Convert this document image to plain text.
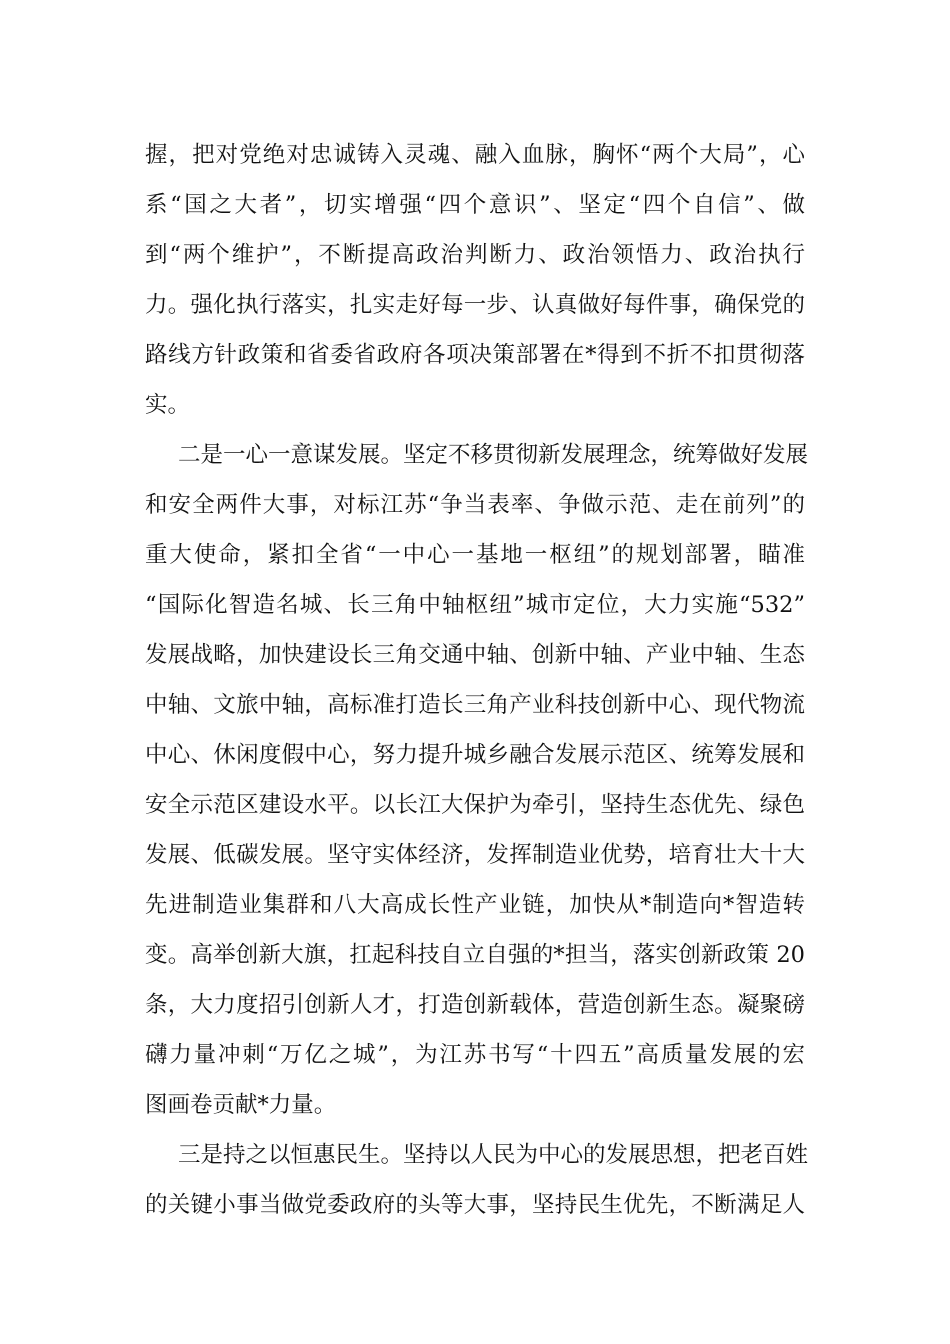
握，把对党绝对忠诚铸入灵魂、融入血脉，胸怀“两个大局”，心
系“国之大者”，切实增强“四个意识”、坚定“四个自信”、做
到“两个维护”，不断提高政治判断力、政治领悟力、政治执行
力。强化执行落实，扎实走好每一步、认真做好每件事，确保党的
路线方针政策和省委省政府各项决策部署在*得到不折不扣贯彻落
实。
二是一心一意谋发展。坚定不移贯彻新发展理念，统筹做好发展
和安全两件大事，对标江苏“争当表率、争做示范、走在前列”的
重大使命，紧扣全省“一中心一基地一枢纽”的规划部署，瞄准
“国际化智造名城、长三角中轴枢纽”城市定位，大力实施“532”
发展战略，加快建设长三角交通中轴、创新中轴、产业中轴、生态
中轴、文旅中轴，高标准打造长三角产业科技创新中心、现代物流
中心、休闲度假中心，努力提升城乡融合发展示范区、统筹发展和
安全示范区建设水平。以长江大保护为牵引，坚持生态优先、绿色
发展、低碳发展。坚守实体经济，发挥制造业优势，培育壮大十大
先进制造业集群和八大高成长性产业链，加快从*制造向*智造转
变。高举创新大旗，扛起科技自立自强的*担当，落实创新政策 20
条，大力度招引创新人才，打造创新载体，营造创新生态。凝聚磅
礴力量冲刺“万亿之城”，为江苏书写“十四五”高质量发展的宏
图画卷贡献*力量。
三是持之以恒惠民生。坚持以人民为中心的发展思想，把老百姓
的关键小事当做党委政府的头等大事，坚持民生优先，不断满足人
